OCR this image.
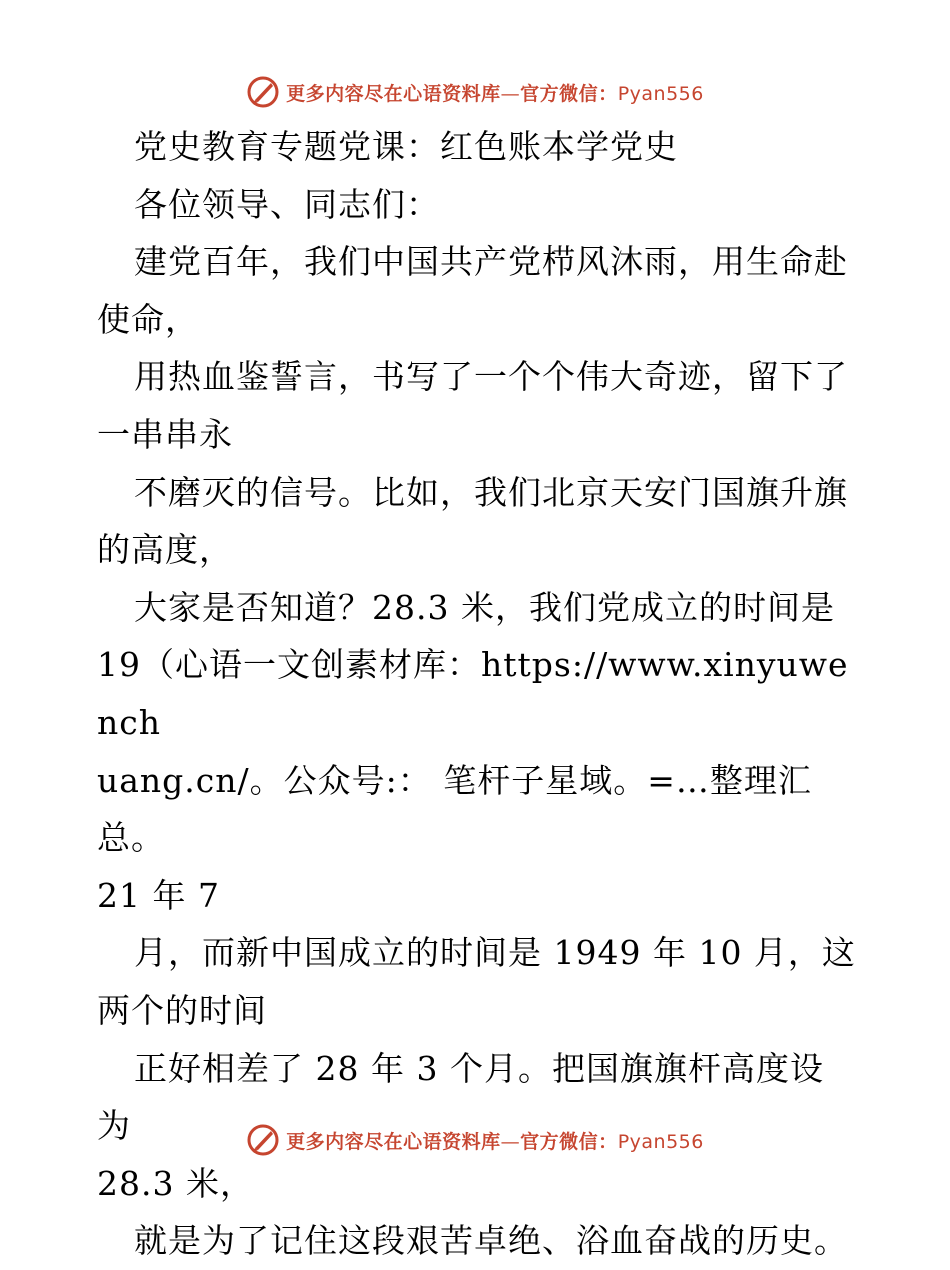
更多内容尽在心语资料库—官方微信：Pyan556

党史教育专题党课：红色账本学党史

各位领导、同志们：

建党百年，我们中国共产党栉风沐雨，用生命赴

使命，

用热血鉴誓言，书写了一个个伟大奇迹，留下了

一串串永

不磨灭的信号。比如，我们北京天安门国旗升旗

的高度，

大家是否知道？28.3 米，我们党成立的时间是

19（心语一文创素材库：https://www.xinyuwench

uang.cn/。公众号:： 笔杆子星域。=…整理汇总。

21 年 7

月，而新中国成立的时间是 1949 年 10 月，这

两个的时间

正好相差了 28 年 3 个月。把国旗旗杆高度设为

28.3 米，

就是为了记住这段艰苦卓绝、浴血奋战的历史。

更多内容尽在心语资料库—官方微信：Pyan556
